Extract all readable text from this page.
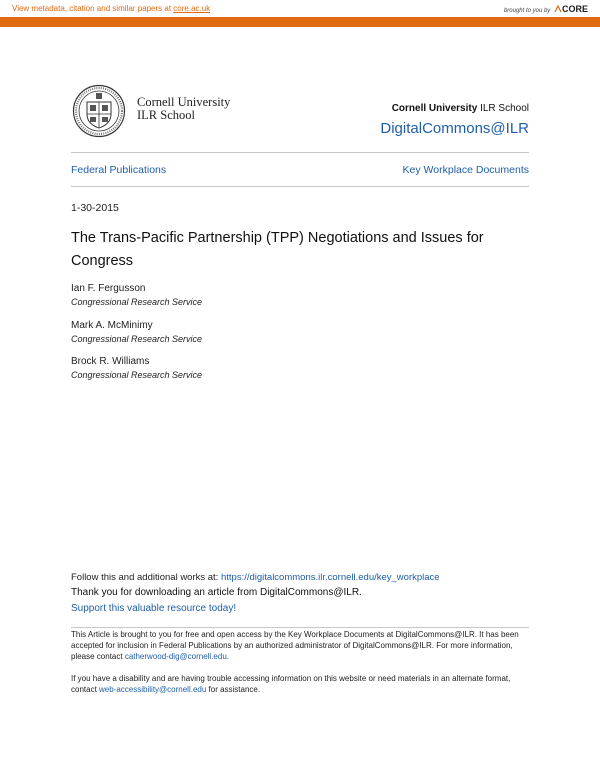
View metadata, citation and similar papers at core.ac.uk	brought to you by CORE
provided by DigitalCommons@ILR
Cornell University
ILR School	Cornell University ILR School
DigitalCommons@ILR
Federal Publications	Key Workplace Documents
1-30-2015
The Trans-Pacific Partnership (TPP) Negotiations and Issues for Congress
Ian F. Fergusson
Congressional Research Service
Mark A. McMinimy
Congressional Research Service
Brock R. Williams
Congressional Research Service
Follow this and additional works at: https://digitalcommons.ilr.cornell.edu/key_workplace
Thank you for downloading an article from DigitalCommons@ILR.
Support this valuable resource today!
This Article is brought to you for free and open access by the Key Workplace Documents at DigitalCommons@ILR. It has been accepted for inclusion in Federal Publications by an authorized administrator of DigitalCommons@ILR. For more information, please contact catherwood-dig@cornell.edu.
If you have a disability and are having trouble accessing information on this website or need materials in an alternate format, contact web-accessibility@cornell.edu for assistance.
